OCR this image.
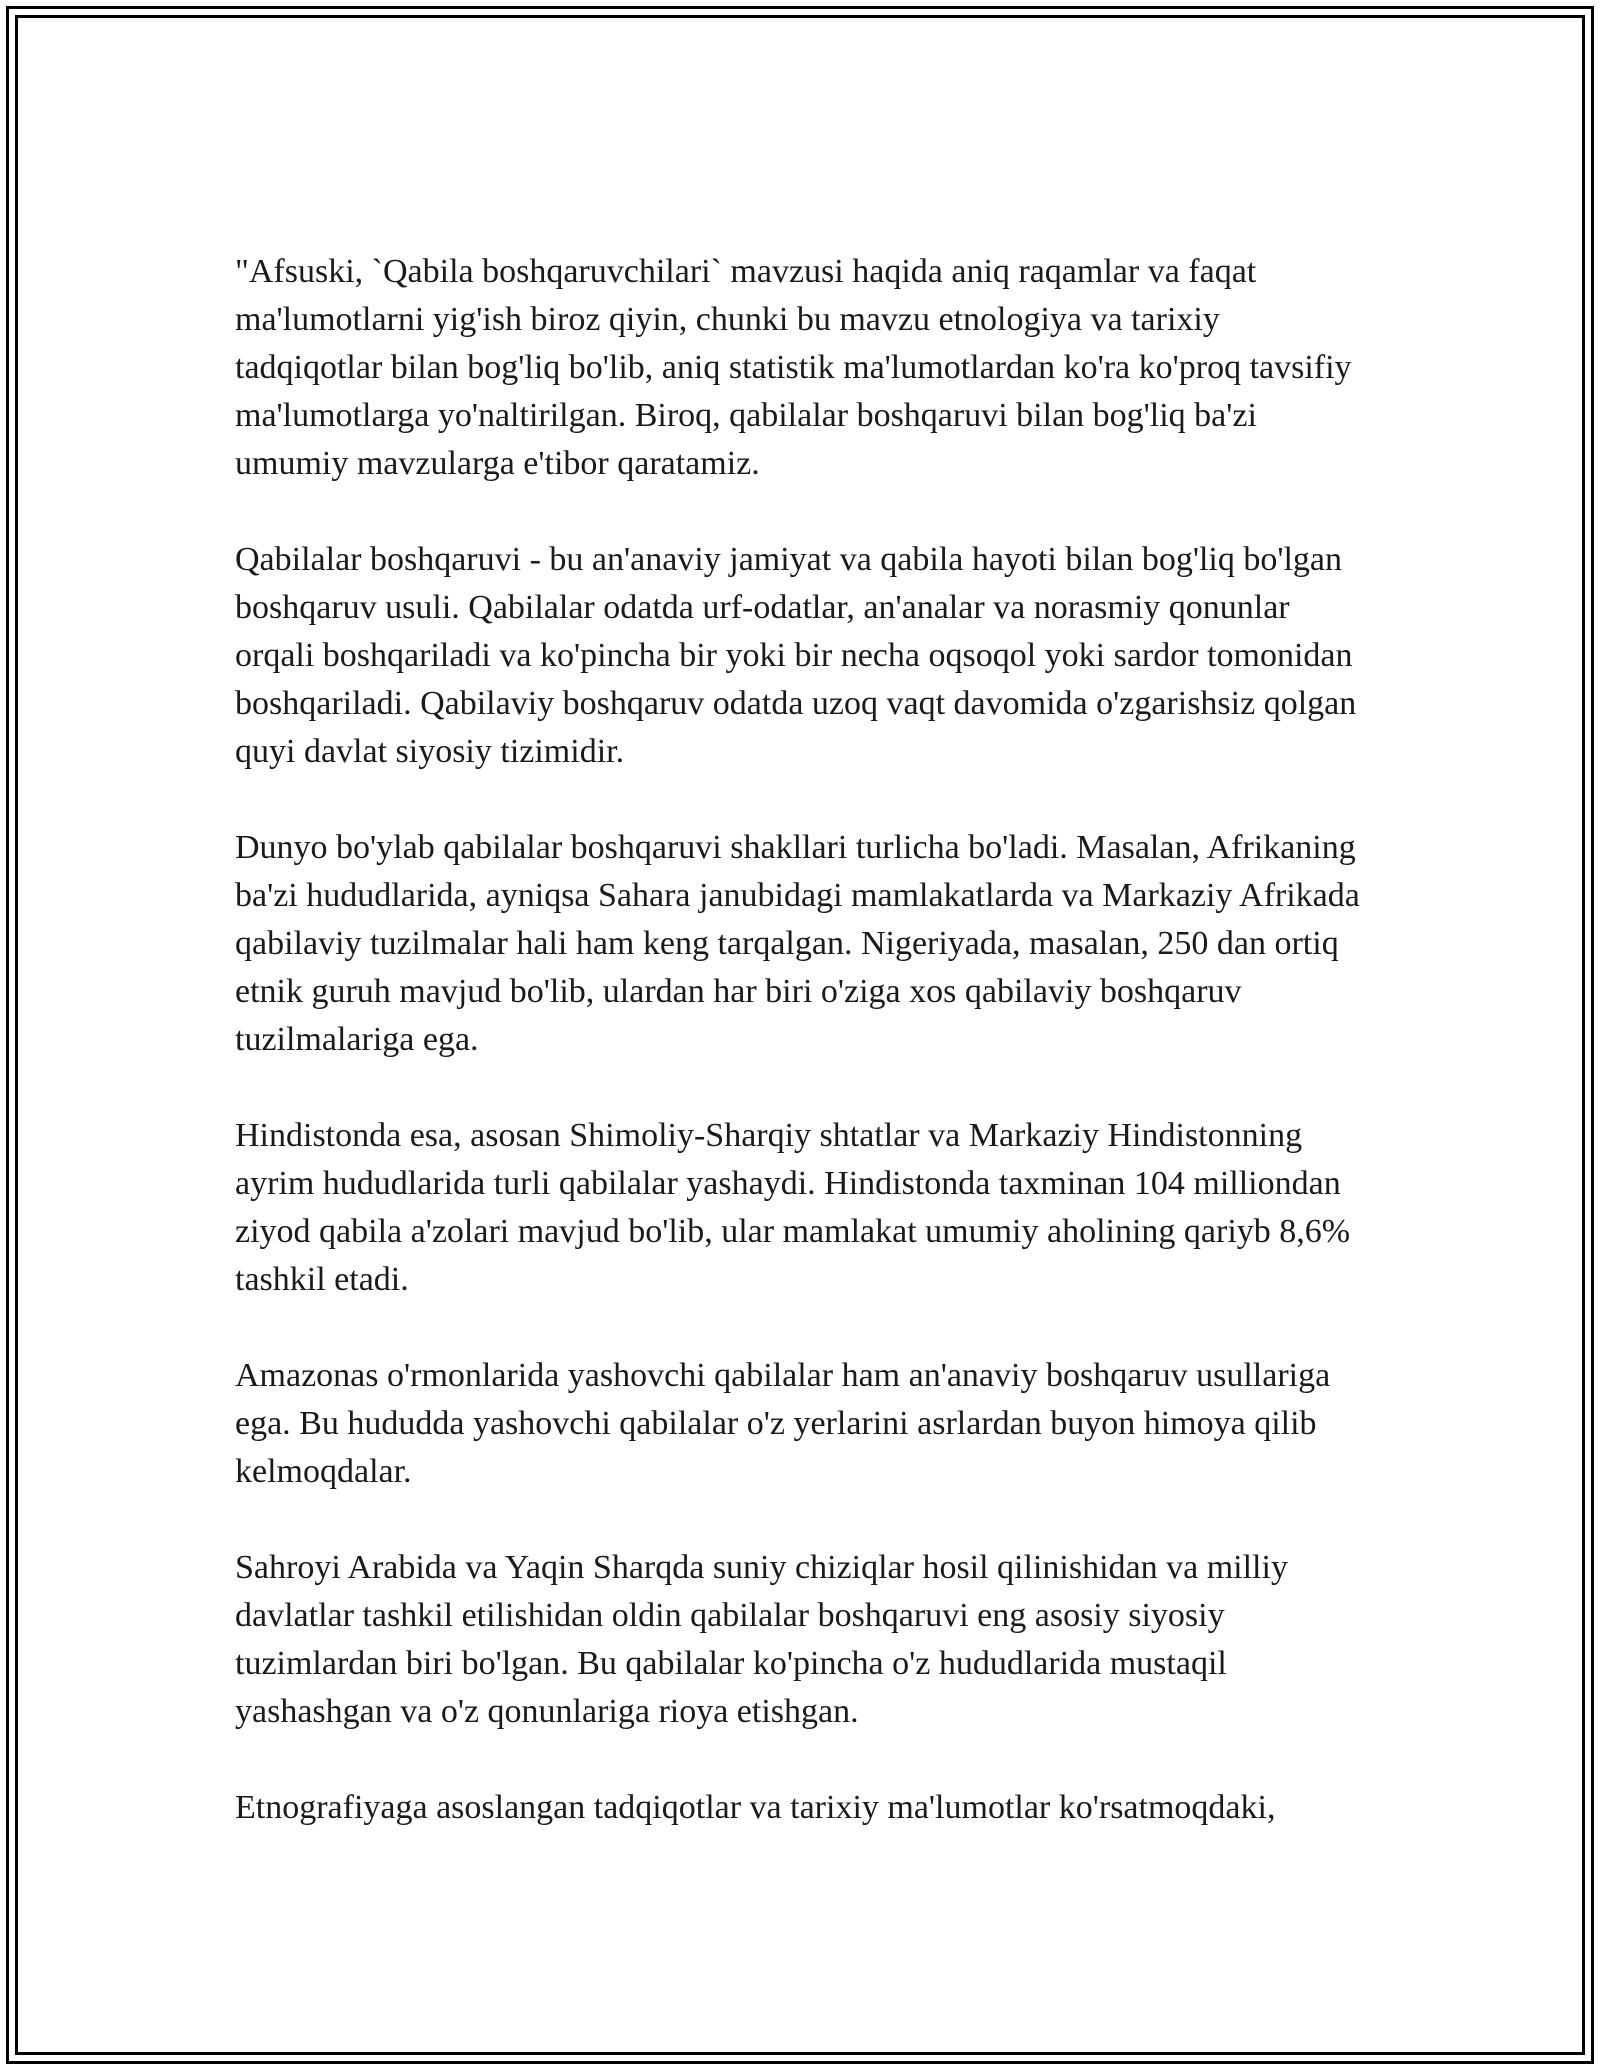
"Afsuski, `Qabila boshqaruvchilari` mavzusi haqida aniq raqamlar va faqat ma'lumotlarni yig'ish biroz qiyin, chunki bu mavzu etnologiya va tarixiy tadqiqotlar bilan bog'liq bo'lib, aniq statistik ma'lumotlardan ko'ra ko'proq tavsifiy ma'lumotlarga yo'naltirilgan. Biroq, qabilalar boshqaruvi bilan bog'liq ba'zi umumiy mavzularga e'tibor qaratamiz.

Qabilalar boshqaruvi - bu an'anaviy jamiyat va qabila hayoti bilan bog'liq bo'lgan boshqaruv usuli. Qabilalar odatda urf-odatlar, an'analar va norasmiy qonunlar orqali boshqariladi va ko'pincha bir yoki bir necha oqsoqol yoki sardor tomonidan boshqariladi. Qabilaviy boshqaruv odatda uzoq vaqt davomida o'zgarishsiz qolgan quyi davlat siyosiy tizimidir.

Dunyo bo'ylab qabilalar boshqaruvi shakllari turlicha bo'ladi. Masalan, Afrikaning ba'zi hududlarida, ayniqsa Sahara janubidagi mamlakatlarda va Markaziy Afrikada qabilaviy tuzilmalar hali ham keng tarqalgan. Nigeriyada, masalan, 250 dan ortiq etnik guruh mavjud bo'lib, ulardan har biri o'ziga xos qabilaviy boshqaruv tuzilmalariga ega.

Hindistonda esa, asosan Shimoliy-Sharqiy shtatlar va Markaziy Hindistonning ayrim hududlarida turli qabilalar yashaydi. Hindistonda taxminan 104 milliondan ziyod qabila a'zolari mavjud bo'lib, ular mamlakat umumiy aholining qariyb 8,6% tashkil etadi.

Amazonas o'rmonlarida yashovchi qabilalar ham an'anaviy boshqaruv usullariga ega. Bu hududda yashovchi qabilalar o'z yerlarini asrlardan buyon himoya qilib kelmoqdalar.

Sahroyi Arabida va Yaqin Sharqda suniy chiziqlar hosil qilinishidan va milliy davlatlar tashkil etilishidan oldin qabilalar boshqaruvi eng asosiy siyosiy tuzimlardan biri bo'lgan. Bu qabilalar ko'pincha o'z hududlarida mustaqil yashashgan va o'z qonunlariga rioya etishgan.

Etnografiyaga asoslangan tadqiqotlar va tarixiy ma'lumotlar ko'rsatmoqdaki,
